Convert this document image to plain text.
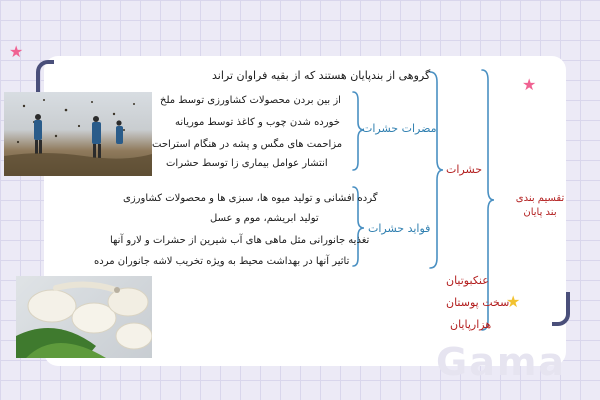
★
★
★
تقسیم بندی بند پایان
حشرات
گروهی از بندپایان هستند که از بقیه فراوان تراند
مضرات حشرات
از بین بردن محصولات کشاورزی توسط ملخ
خورده شدن چوب و کاغذ توسط موریانه
مزاحمت های مگس و پشه در هنگام استراحت
انتشار عوامل بیماری زا توسط حشرات
فواید حشرات
گرده افشانی و تولید میوه ها، سبزی ها و محصولات کشاورزی
تولید ابریشم، موم و عسل
تغذیه جانورانی مثل ماهی های آب شیرین از حشرات و لارو آنها
تاثیر آنها در بهداشت محیط به ویژه تخریب لاشه جانوران مرده
عنکبوتیان
سخت پوستان
هزارپایان
Gama
